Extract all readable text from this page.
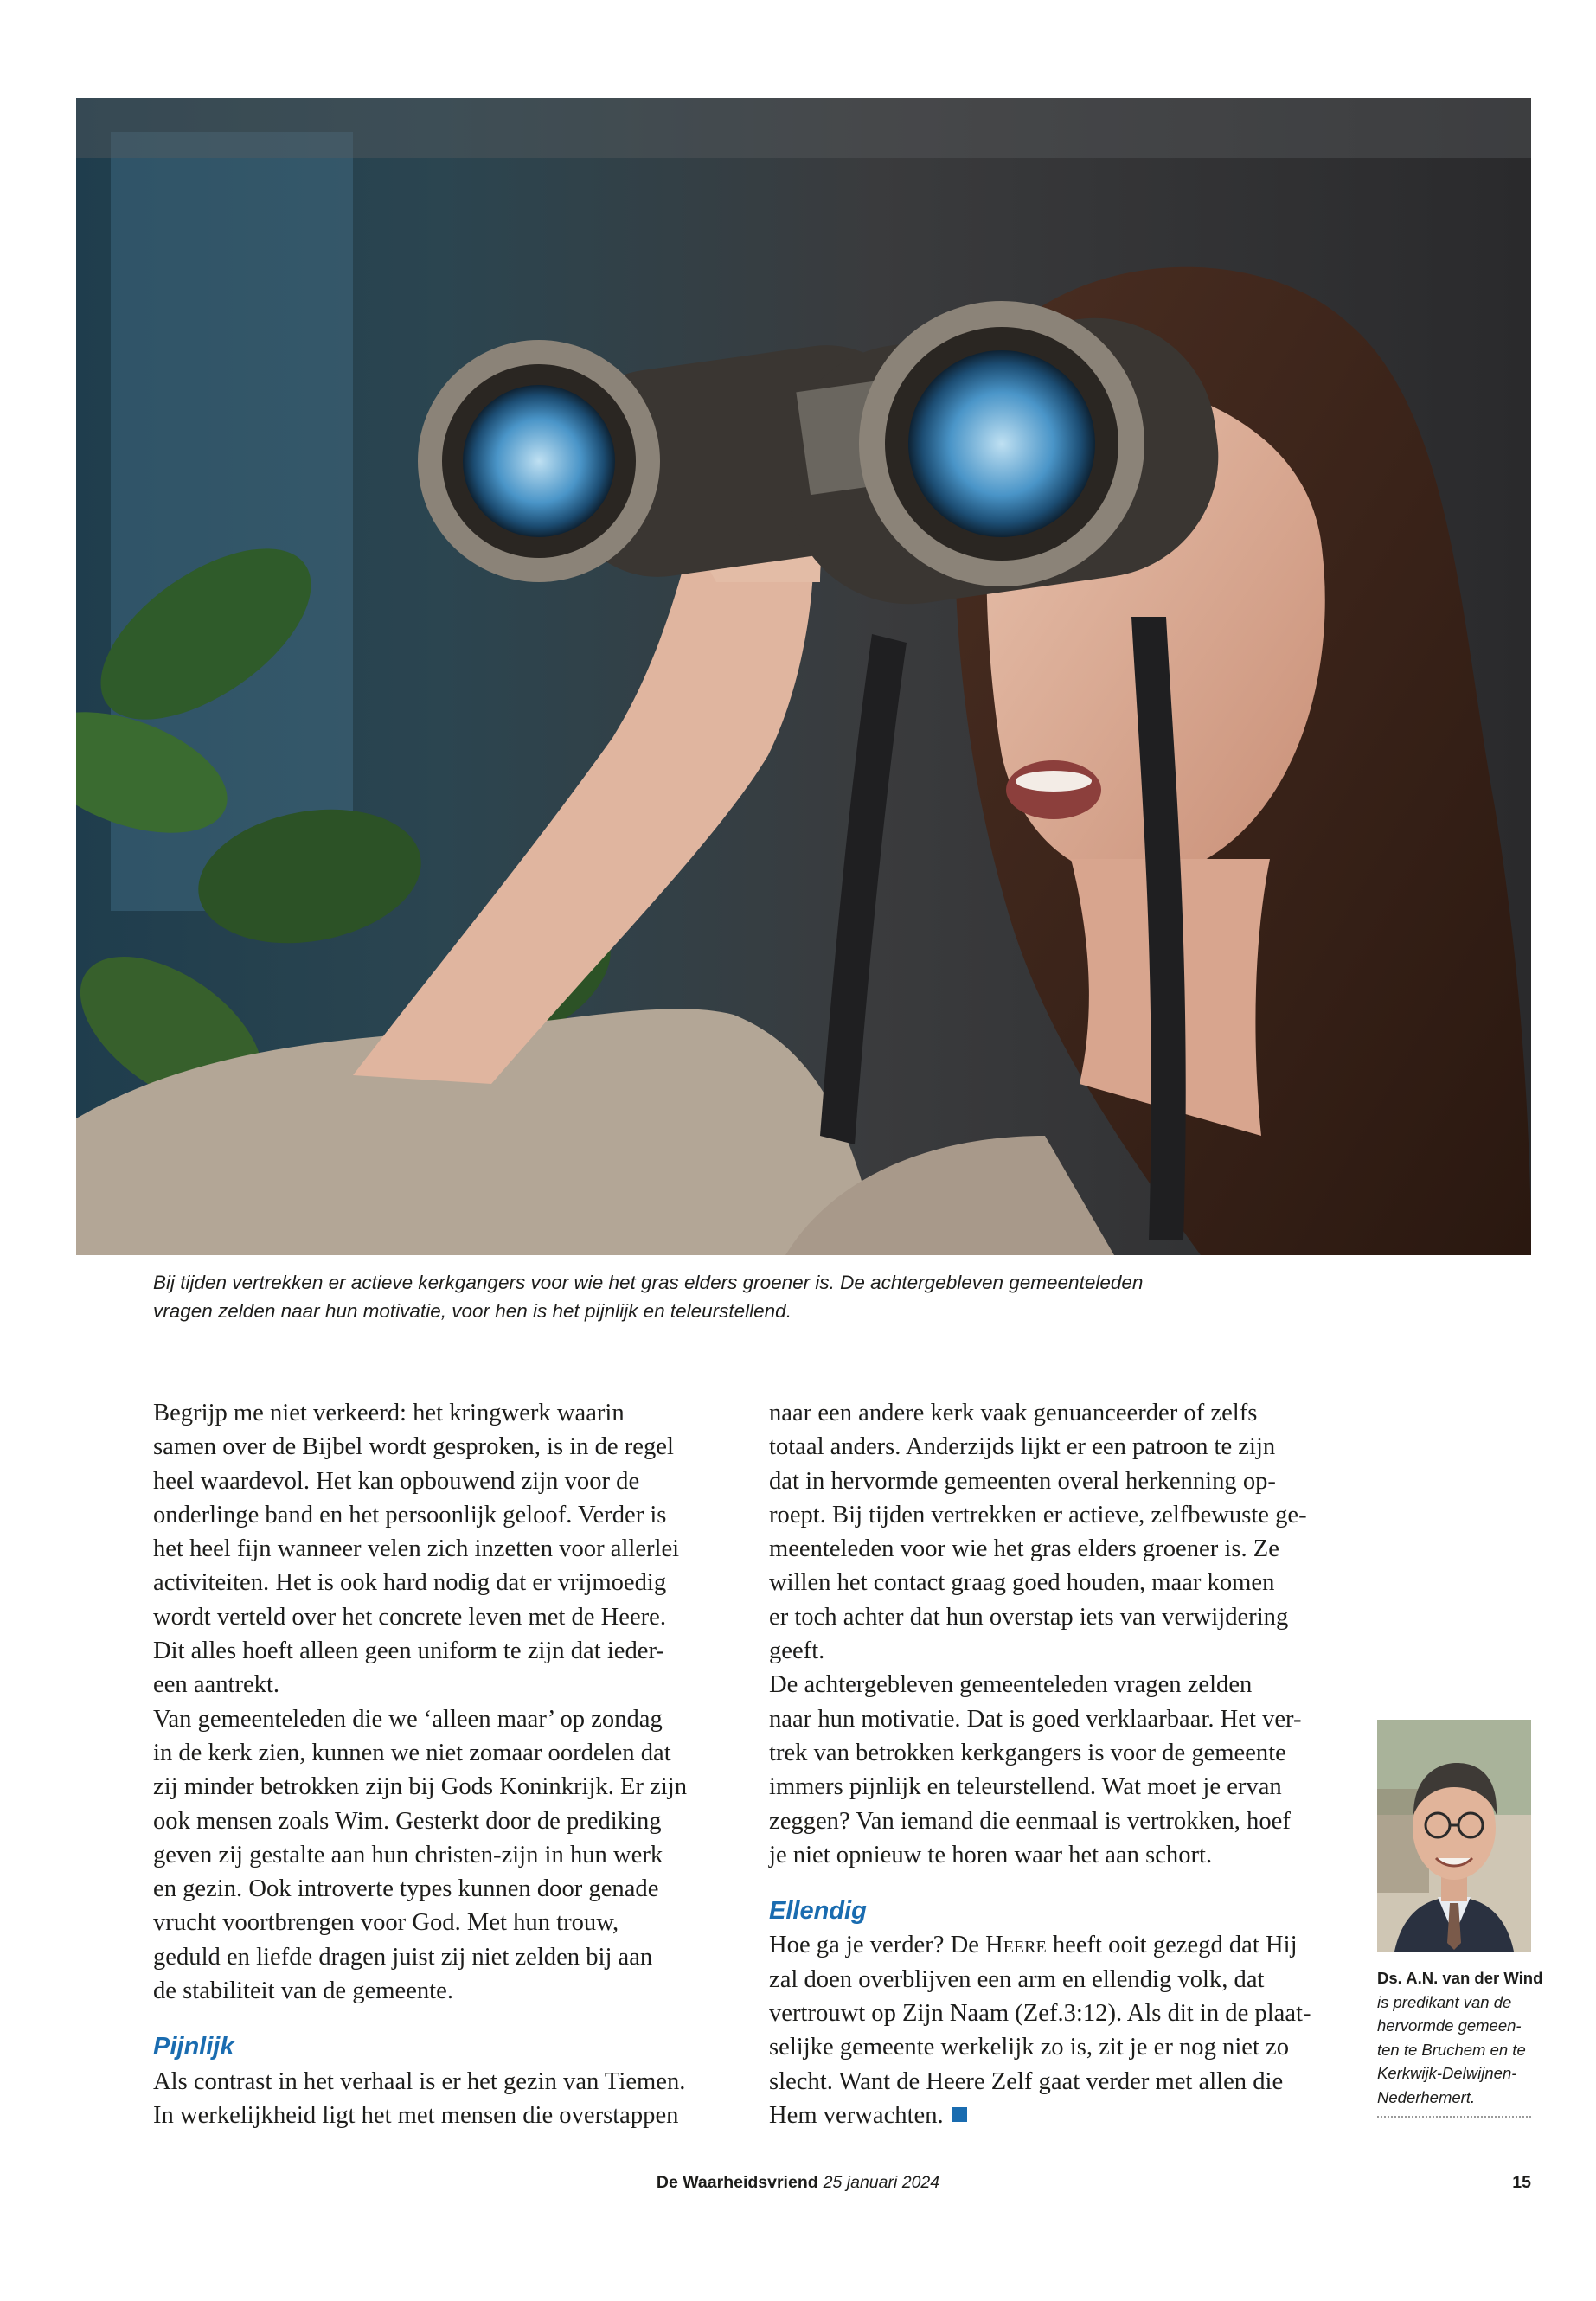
Bij tijden vertrekken er actieve kerkgangers voor wie het gras elders groener is. De achtergebleven gemeenteleden

vragen zelden naar hun motivatie, voor hen is het pijnlijk en teleurstellend.

Begrijp me niet verkeerd: het kringwerk waarin
samen over de Bijbel wordt gesproken, is in de regel
heel waardevol. Het kan opbouwend zijn voor de
onderlinge band en het persoonlijk geloof. Verder is
het heel fijn wanneer velen zich inzetten voor allerlei
activiteiten. Het is ook hard nodig dat er vrijmoedig
wordt verteld over het concrete leven met de Heere.
Dit alles hoeft alleen geen uniform te zijn dat ieder-
een aantrekt.
Van gemeenteleden die we ‘alleen maar’ op zondag
in de kerk zien, kunnen we niet zomaar oordelen dat
zij minder betrokken zijn bij Gods Koninkrijk. Er zijn
ook mensen zoals Wim. Gesterkt door de prediking
geven zij gestalte aan hun christen-zijn in hun werk
en gezin. Ook introverte types kunnen door genade
vrucht voortbrengen voor God. Met hun trouw,
geduld en liefde dragen juist zij niet zelden bij aan
de stabiliteit van de gemeente.
Pijnlijk
Als contrast in het verhaal is er het gezin van Tiemen.
In werkelijkheid ligt het met mensen die overstappen
naar een andere kerk vaak genuanceerder of zelfs
totaal anders. Anderzijds lijkt er een patroon te zijn
dat in hervormde gemeenten overal herkenning op-
roept. Bij tijden vertrekken er actieve, zelfbewuste ge-
meenteleden voor wie het gras elders groener is. Ze
willen het contact graag goed houden, maar komen
er toch achter dat hun overstap iets van verwijdering
geeft.
De achtergebleven gemeenteleden vragen zelden
naar hun motivatie. Dat is goed verklaarbaar. Het ver-
trek van betrokken kerkgangers is voor de gemeente
immers pijnlijk en teleurstellend. Wat moet je ervan
zeggen? Van iemand die eenmaal is vertrokken, hoef
je niet opnieuw te horen waar het aan schort.
Ellendig
Hoe ga je verder? De Heere heeft ooit gezegd dat Hij
zal doen overblijven een arm en ellendig volk, dat
vertrouwt op Zijn Naam (Zef.3:12). Als dit in de plaat-
selijke gemeente werkelijk zo is, zit je er nog niet zo
slecht. Want de Heere Zelf gaat verder met allen die
Hem verwachten.
Ds. A.N. van der Wind
is predikant van de
hervormde gemeen-
ten te Bruchem en te
Kerkwijk-Delwijnen-
Nederhemert.
De Waarheidsvriend 25 januari 2024	15
